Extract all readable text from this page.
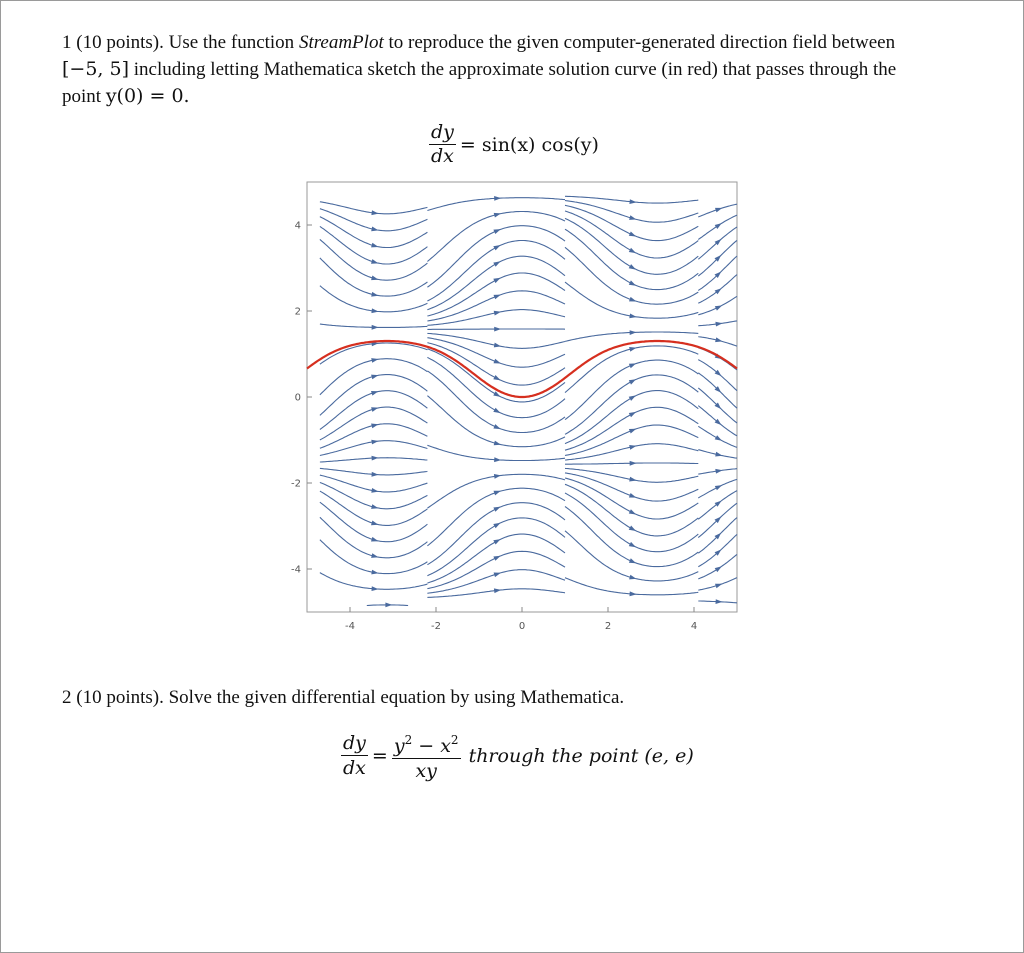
1 (10 points). Use the function StreamPlot to reproduce the given computer-generated direction field between
[−5, 5] including letting Mathematica sketch the approximate solution curve (in red) that passes through the
point y(0) = 0.
$\frac{dy}{dx} = \sin(x)$ cos(y)
-4	-2	0	2	4
4
2
0
-2
-4
2 (10 points). Solve the given differential equation by using Mathematica.
$\frac{dy}{dx} = \frac{y^2 - x^2}{xy}$ through the point (e, e)
